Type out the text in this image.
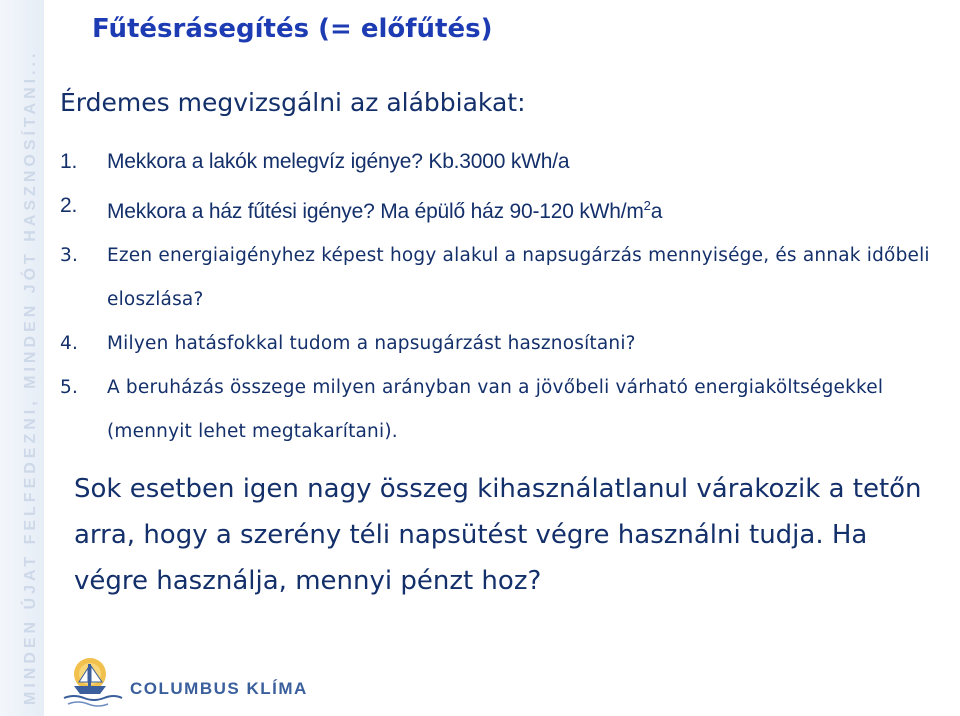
MINDEN ÚJAT FELFEDEZNI, MINDEN JÓT HASZNOSÍTANI...
Fűtésrásegítés (= előfűtés)
Érdemes megvizsgálni az alábbiakat:
1. Mekkora a lakók melegvíz igénye? Kb.3000 kWh/a
2. Mekkora a ház fűtési igénye? Ma épülő ház 90-120 kWh/$m^2a$
3. Ezen energiaigényhez képest hogy alakul a napsugárzás mennyisége, és annak időbeli eloszlása?
4. Milyen hatásfokkal tudom a napsugárzást hasznosítani?
5. A beruházás összege milyen arányban van a jövőbeli várható energiaköltségekkel (mennyit lehet megtakarítani).
Sok esetben igen nagy összeg kihasználatlanul várakozik a tetőn arra, hogy a szerény téli napsütést végre használni tudja. Ha végre használja, mennyi pénzt hoz?
COLUMBUS KLÍMA
